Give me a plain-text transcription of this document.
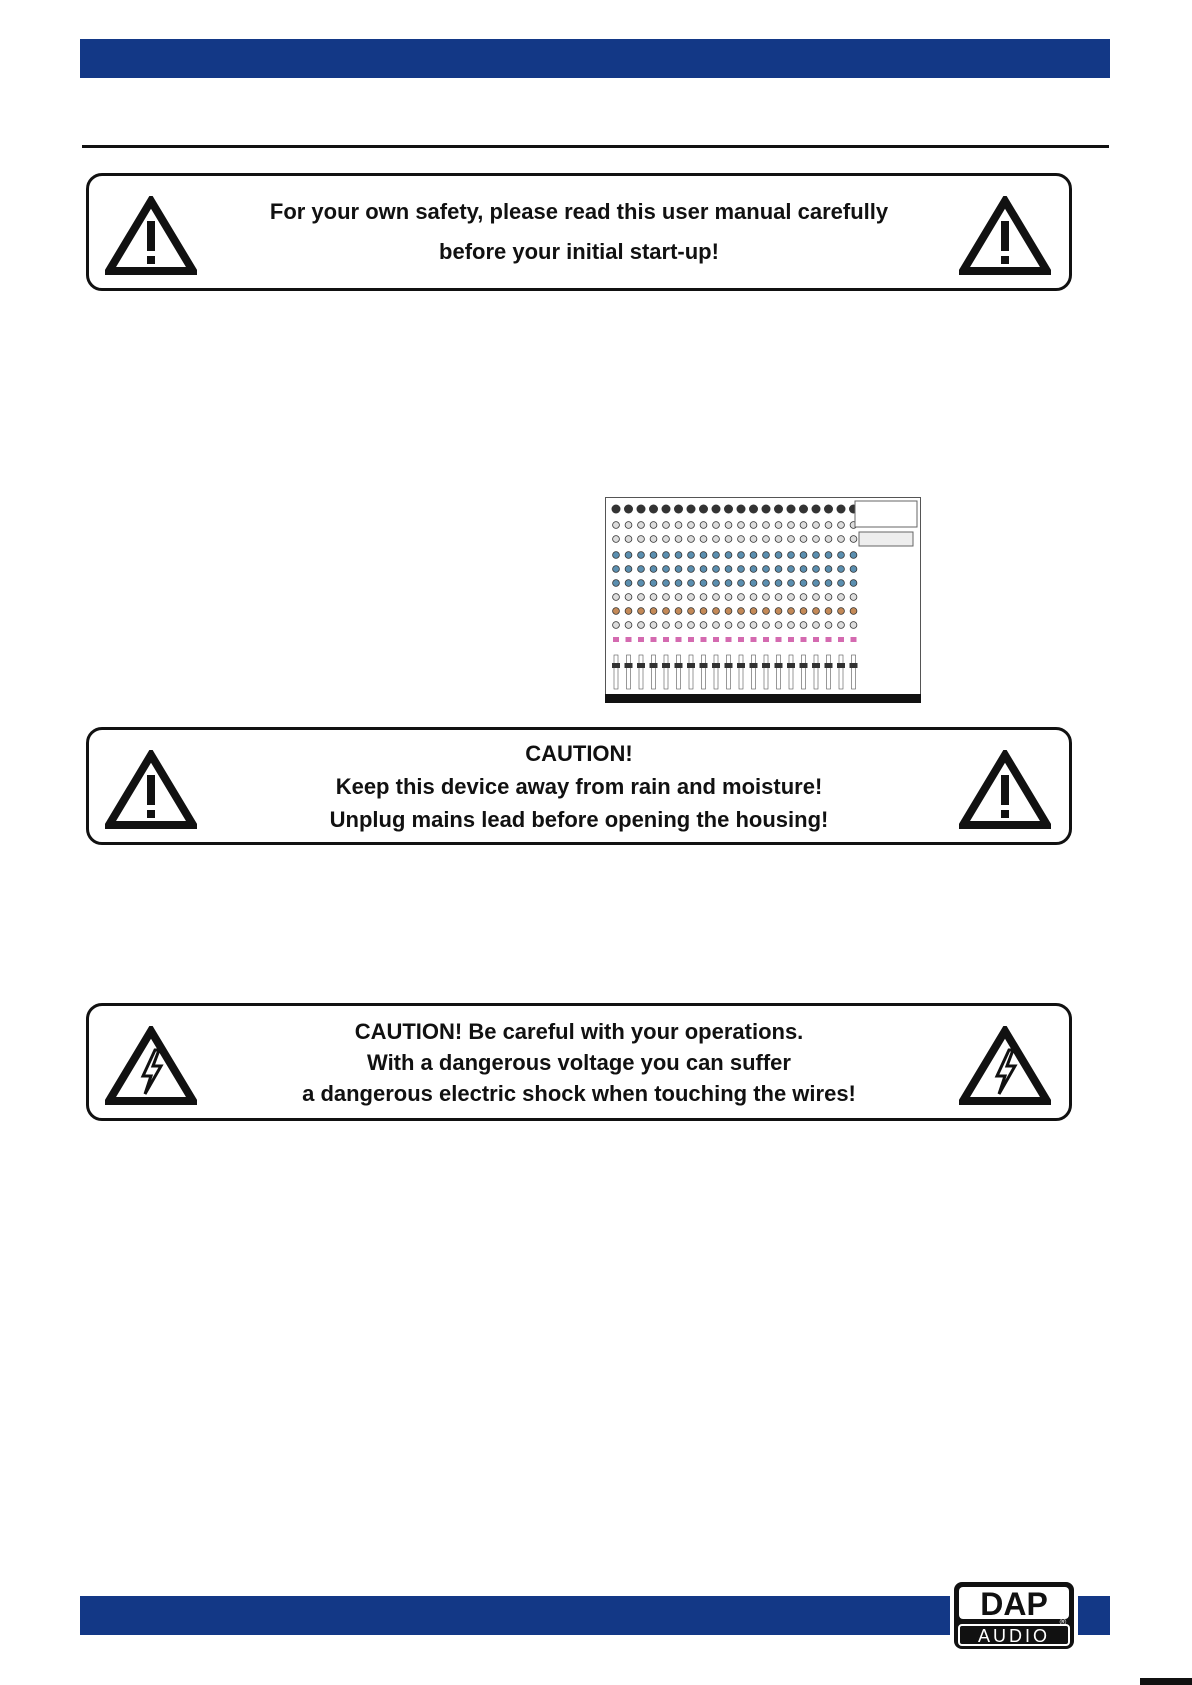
For your own safety, please read this user manual carefully
before your initial start-up!
CAUTION!
Keep this device away from rain and moisture!
Unplug mains lead before opening the housing!
CAUTION! Be careful with your operations.
With a dangerous voltage you can suffer
a dangerous electric shock when touching the wires!
DAP ®
AUDIO
